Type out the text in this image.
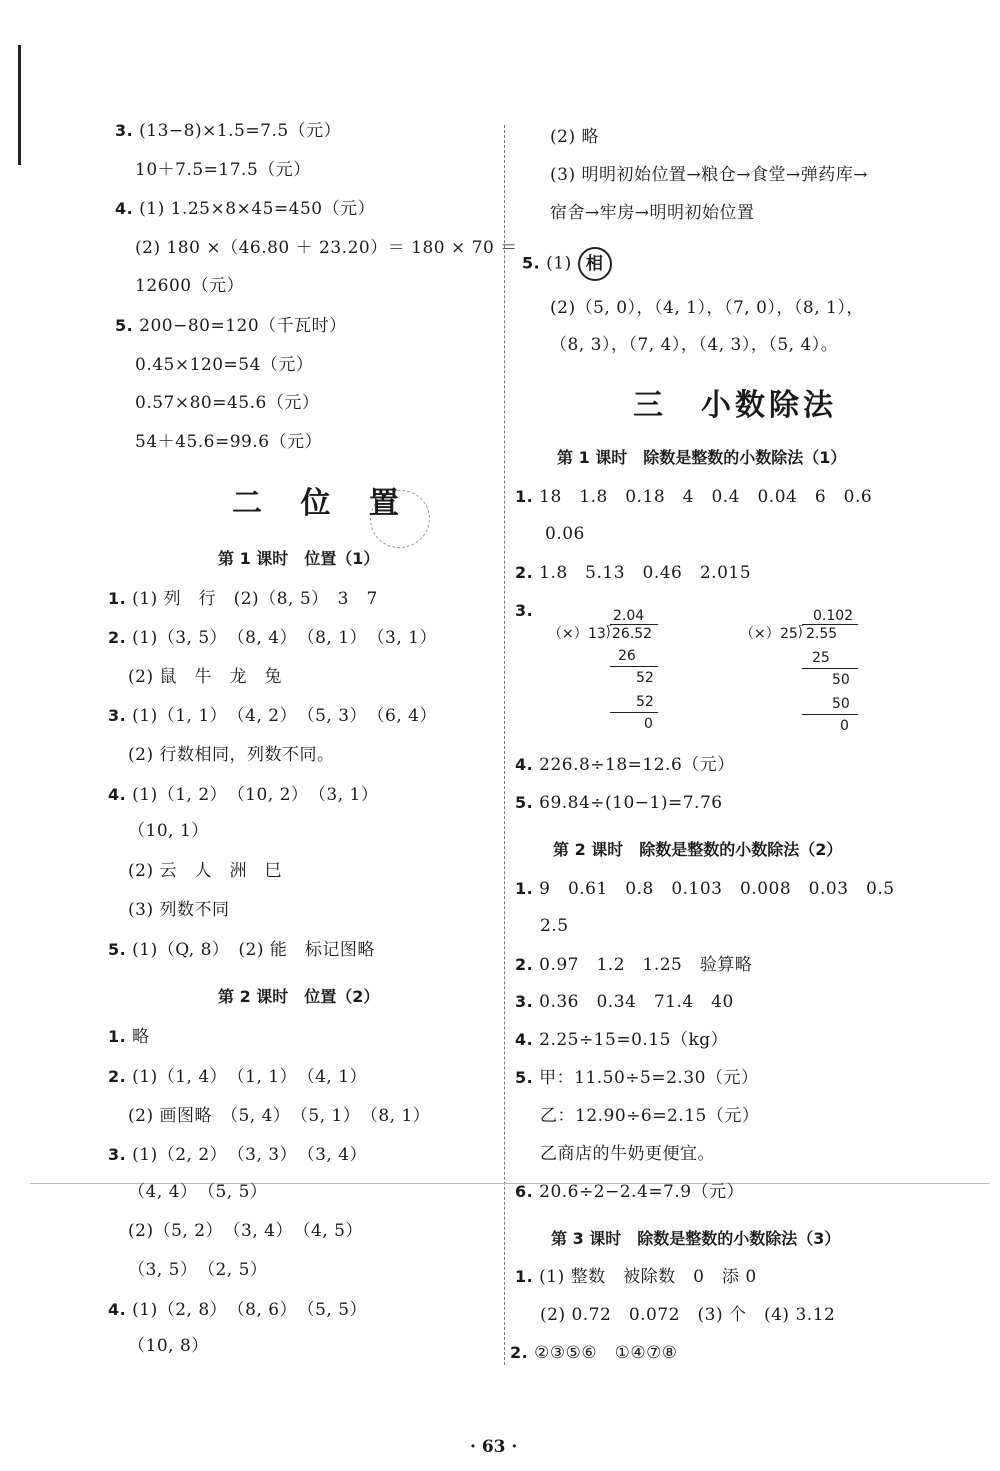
3. (13−8)×1.5=7.5（元）
10＋7.5=17.5（元）
4. (1) 1.25×8×45=450（元）
(2) 180 ×（46.80 ＋ 23.20）＝ 180 × 70 ＝
12600（元）
5. 200−80=120（千瓦时）
0.45×120=54（元）
0.57×80=45.6（元）
54＋45.6=99.6（元）
二 位 置
第 1 课时　位置（1）
1. (1) 列　行　(2)（8, 5）　3　7
2. (1)（3, 5）　（8, 4）　（8, 1）　（3, 1）
(2) 鼠　牛　龙　兔
3. (1)（1, 1）　（4, 2）　（5, 3）　（6, 4）
(2) 行数相同，列数不同。
4. (1)（1, 2）　（10, 2）　（3, 1）
（10, 1）
(2) 云　人　洲　巳
(3) 列数不同
5. (1)（Q, 8）　(2) 能　标记图略
第 2 课时　位置（2）
1. 略
2. (1)（1, 4）　（1, 1）　（4, 1）
(2) 画图略　（5, 4）　（5, 1）　（8, 1）
3. (1)（2, 2）　（3, 3）　（3, 4）
（4, 4）　（5, 5）
(2)（5, 2）　（3, 4）　（4, 5）
（3, 5）　（2, 5）
4. (1)（2, 8）　（8, 6）　（5, 5）
（10, 8）
(2) 略
(3) 明明初始位置→粮仓→食堂→弹药库→
宿舍→牢房→明明初始位置
5. (1) 相
(2)（5, 0），（4, 1），（7, 0），（8, 1），
（8, 3），（7, 4），（4, 3），（5, 4）。
三　小数除法
第 1 课时　除数是整数的小数除法（1）
1. 18　1.8　0.18　4　0.4　0.04　6　0.6
0.06
2. 1.8　5.13　0.46　2.015
3.
（×）
2.04
13 ⟌ 26.52
26
52
52
0
（×）
0.102
25 ⟌ 2.55
25
50
50
0
4. 226.8÷18=12.6（元）
5. 69.84÷(10−1)=7.76
第 2 课时　除数是整数的小数除法（2）
1. 9　0.61　0.8　0.103　0.008　0.03　0.5
2.5
2. 0.97　1.2　1.25　验算略
3. 0.36　0.34　71.4　40
4. 2.25÷15=0.15（kg）
5. 甲：11.50÷5=2.30（元）
乙：12.90÷6=2.15（元）
乙商店的牛奶更便宜。
6. 20.6÷2−2.4=7.9（元）
第 3 课时　除数是整数的小数除法（3）
1. (1) 整数　被除数　0　添 0
(2) 0.72　0.072　(3) 个　(4) 3.12
2. ②③⑤⑥　①④⑦⑧
· 63 ·
